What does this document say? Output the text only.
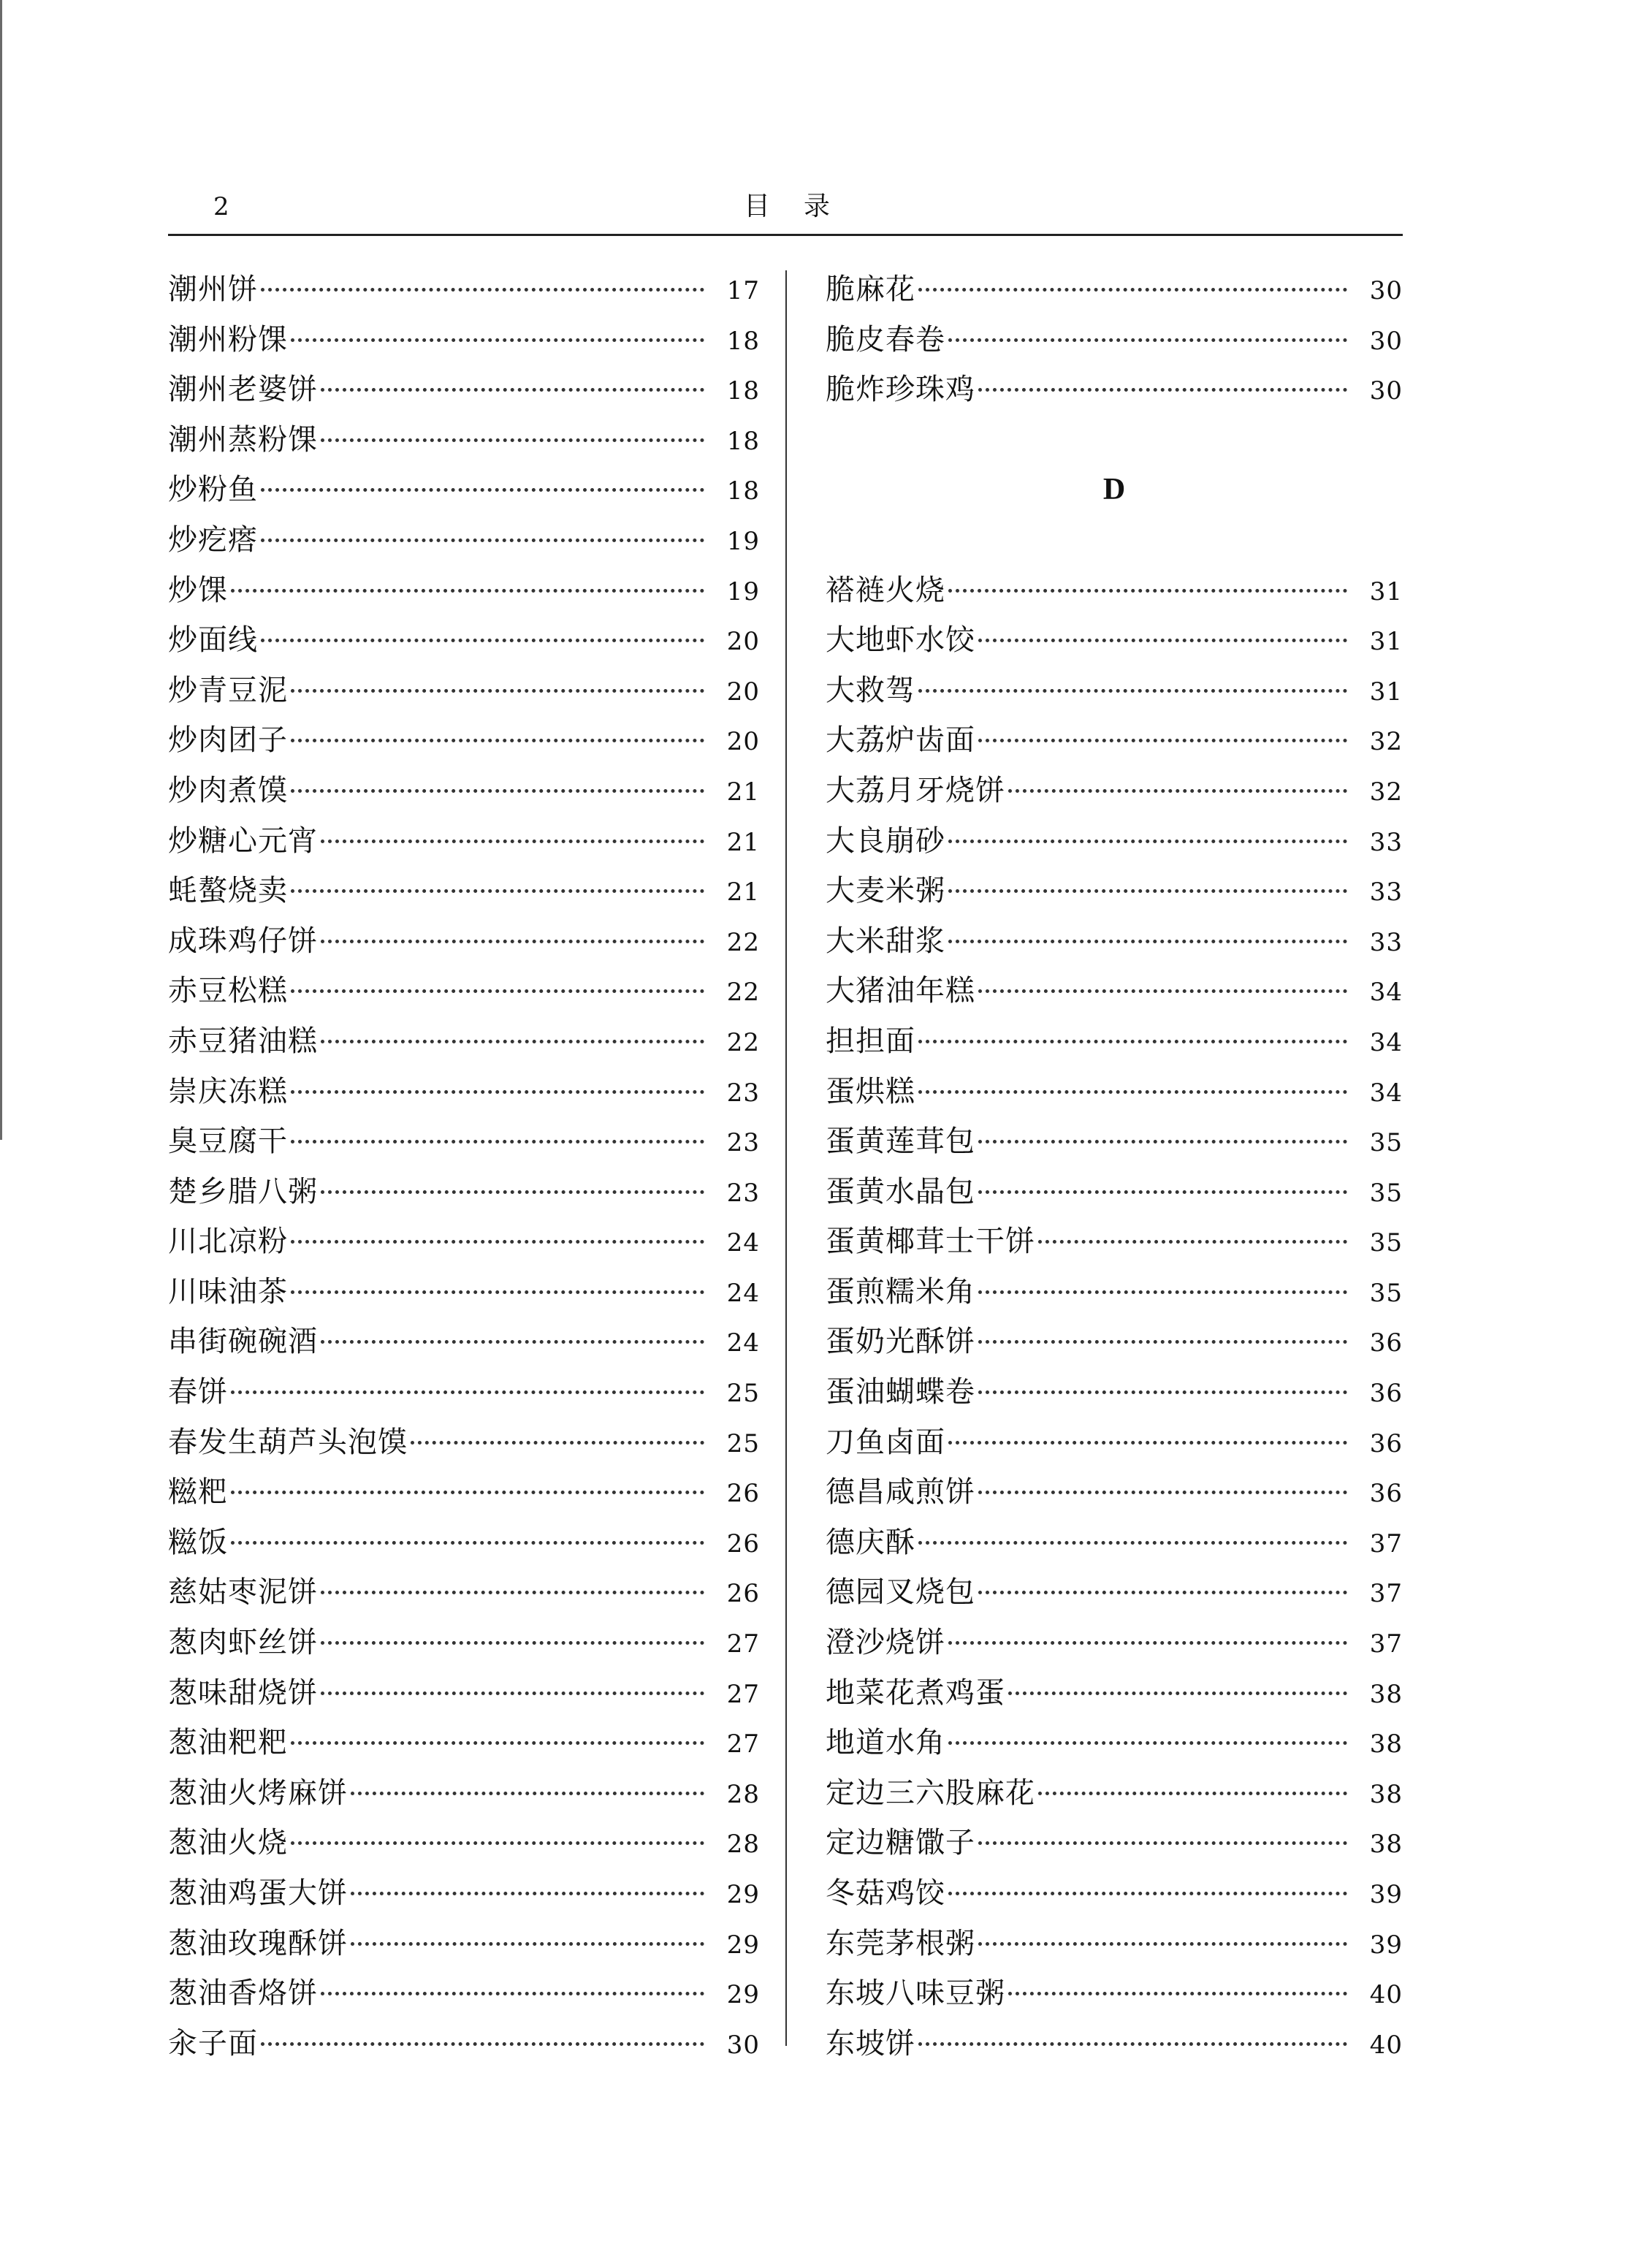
2	目 录
潮州饼	17
潮州粉馃	18
潮州老婆饼	18
潮州蒸粉馃	18
炒粉鱼	18
炒疙瘩	19
炒馃	19
炒面线	20
炒青豆泥	20
炒肉团子	20
炒肉煮馍	21
炒糖心元宵	21
蚝螯烧卖	21
成珠鸡仔饼	22
赤豆松糕	22
赤豆猪油糕	22
崇庆冻糕	23
臭豆腐干	23
楚乡腊八粥	23
川北凉粉	24
川味油茶	24
串街碗碗酒	24
春饼	25
春发生葫芦头泡馍	25
糍粑	26
糍饭	26
慈姑枣泥饼	26
葱肉虾丝饼	27
葱味甜烧饼	27
葱油粑粑	27
葱油火烤麻饼	28
葱油火烧	28
葱油鸡蛋大饼	29
葱油玫瑰酥饼	29
葱油香烙饼	29
汆子面	30
脆麻花	30
脆皮春卷	30
脆炸珍珠鸡	30
D
褡裢火烧	31
大地虾水饺	31
大救驾	31
大荔炉齿面	32
大荔月牙烧饼	32
大良崩砂	33
大麦米粥	33
大米甜浆	33
大猪油年糕	34
担担面	34
蛋烘糕	34
蛋黄莲茸包	35
蛋黄水晶包	35
蛋黄椰茸士干饼	35
蛋煎糯米角	35
蛋奶光酥饼	36
蛋油蝴蝶卷	36
刀鱼卤面	36
德昌咸煎饼	36
德庆酥	37
德园叉烧包	37
澄沙烧饼	37
地菜花煮鸡蛋	38
地道水角	38
定边三六股麻花	38
定边糖馓子	38
冬菇鸡饺	39
东莞茅根粥	39
东坡八味豆粥	40
东坡饼	40
